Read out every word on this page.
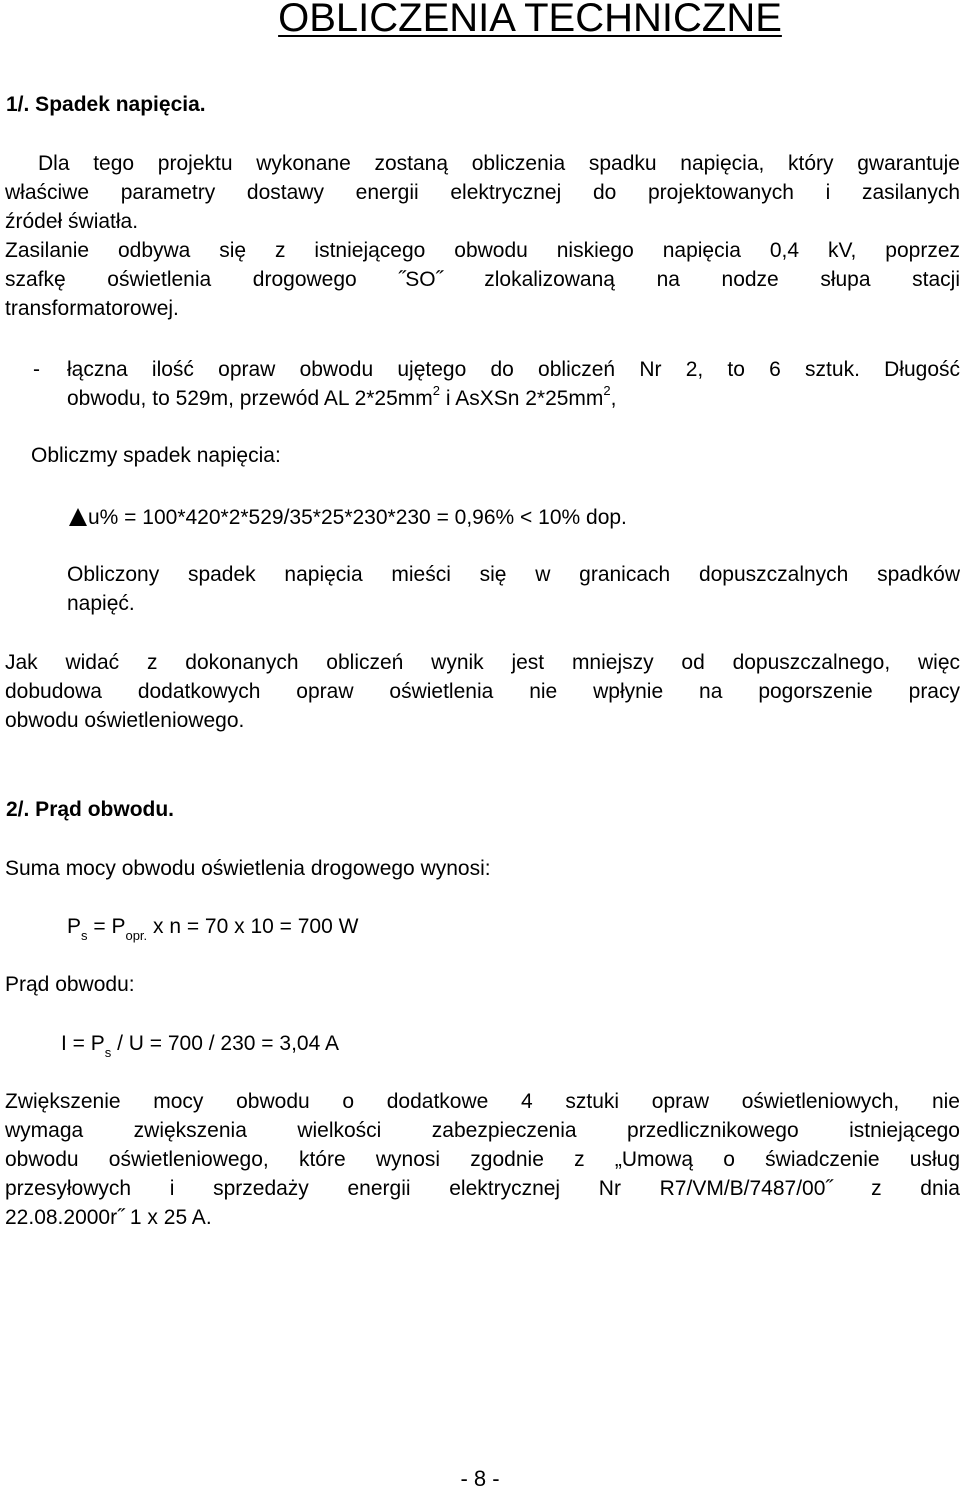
OBLICZENIA TECHNICZNE
1/. Spadek napięcia.
Dla tego projektu wykonane zostaną obliczenia spadku napięcia, który gwarantuje
właściwe parametry dostawy energii elektrycznej do projektowanych i zasilanych
źródeł światła.
Zasilanie odbywa się z istniejącego obwodu niskiego napięcia 0,4 kV, poprzez
szafkę oświetlenia drogowego ˝SO˝ zlokalizowaną na nodze słupa stacji
transformatorowej.
- łączna ilość opraw obwodu ujętego do obliczeń Nr 2, to 6 sztuk. Długość
obwodu, to 529m, przewód AL $2*25mm^2$ i AsXSn $2*25mm^2$,
Obliczmy spadek napięcia:
u% = 100*420*2*529/35*25*230*230 = 0,96% < 10% dop.
Obliczony spadek napięcia mieści się w granicach dopuszczalnych spadków
napięć.
Jak widać z dokonanych obliczeń wynik jest mniejszy od dopuszczalnego, więc
dobudowa dodatkowych opraw oświetlenia nie wpłynie na pogorszenie pracy
obwodu oświetleniowego.
2/. Prąd obwodu.
Suma mocy obwodu oświetlenia drogowego wynosi:
$P_s = P_{opr.}$ x n = 70 x 10 = 700 W
Prąd obwodu:
$I = P_s / U = 700 / 230 = 3,04$ A
Zwiększenie mocy obwodu o dodatkowe 4 sztuki opraw oświetleniowych, nie
wymaga zwiększenia wielkości zabezpieczenia przedlicznikowego istniejącego
obwodu oświetleniowego, które wynosi zgodnie z „Umową o świadczenie usług
przesyłowych i sprzedaży energii elektrycznej Nr R7/VM/B/7487/00˝ z dnia
22.08.2000r˝ 1 x 25 A.
- 8 -
